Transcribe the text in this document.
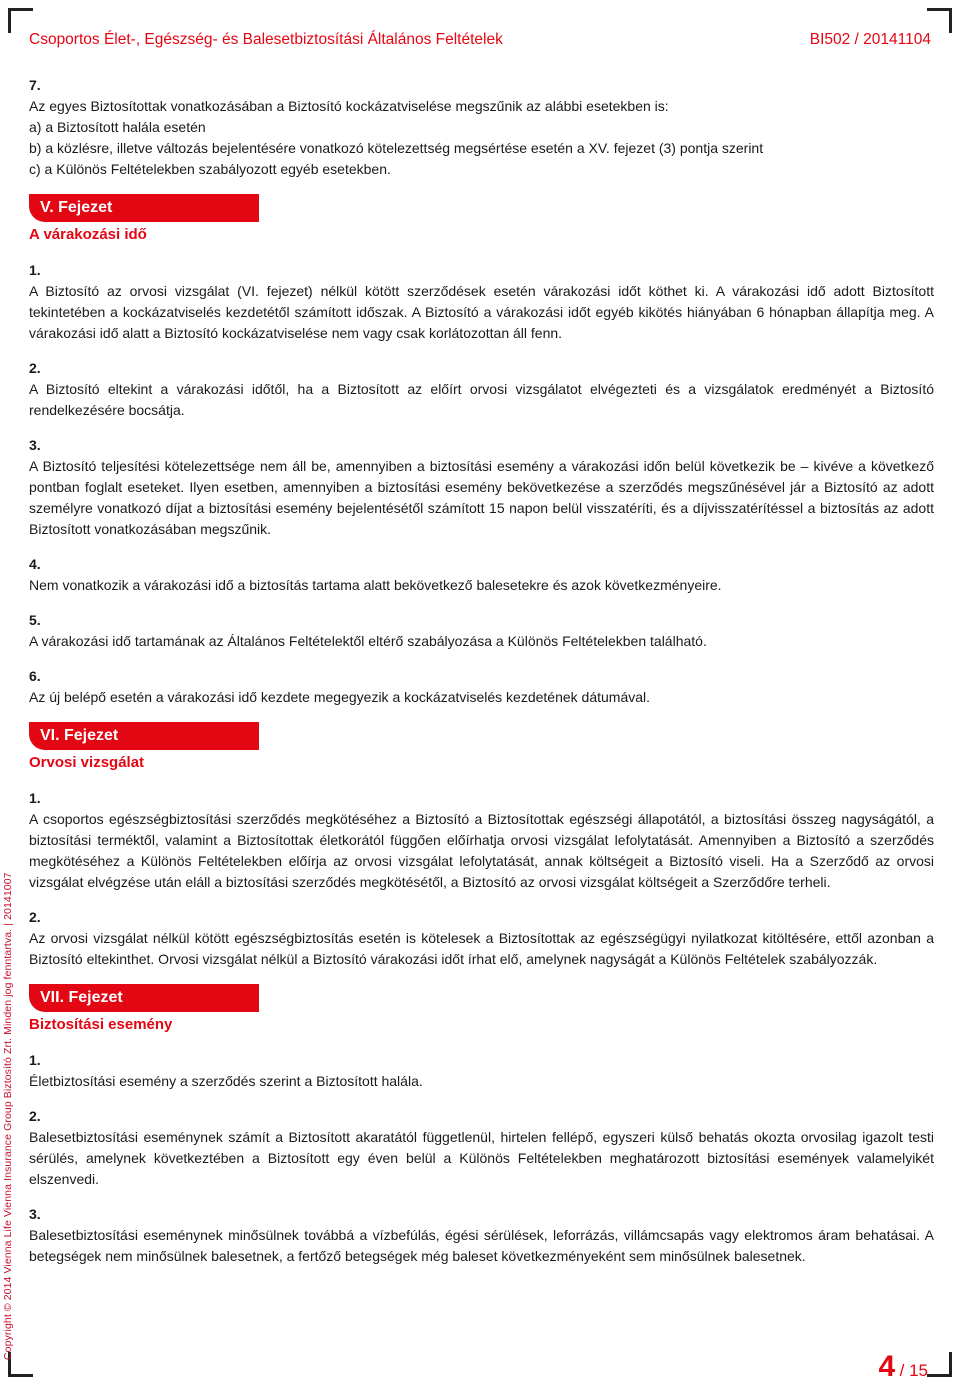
Csoportos Élet-, Egészség- és Balesetbiztosítási Általános Feltételek	BI502 / 20141104
Copyright © 2014 Vienna Life Vienna Insurance Group Biztosító Zrt. Minden jog fenntartva. | 20141007
7.
Az egyes Biztosítottak vonatkozásában a Biztosító kockázatviselése megszűnik az alábbi esetekben is:
a) a Biztosított halála esetén
b) a közlésre, illetve változás bejelentésére vonatkozó kötelezettség megsértése esetén a XV. fejezet (3) pontja szerint
c) a Különös Feltételekben szabályozott egyéb esetekben.
V. Fejezet
A várakozási idő
1.
A Biztosító az orvosi vizsgálat (VI. fejezet) nélkül kötött szerződések esetén várakozási időt köthet ki. A várakozási idő adott Biztosított tekintetében a kockázatviselés kezdetétől számított időszak. A Biztosító a várakozási időt egyéb kikötés hiányában 6 hónapban állapítja meg. A várakozási idő alatt a Biztosító kockázatviselése nem vagy csak korlátozottan áll fenn.
2.
A Biztosító eltekint a várakozási időtől, ha a Biztosított az előírt orvosi vizsgálatot elvégezteti és a vizsgálatok eredményét a Biztosító rendelkezésére bocsátja.
3.
A Biztosító teljesítési kötelezettsége nem áll be, amennyiben a biztosítási esemény a várakozási időn belül következik be – kivéve a következő pontban foglalt eseteket. Ilyen esetben, amennyiben a biztosítási esemény bekövetkezése a szerződés megszűnésével jár a Biztosító az adott személyre vonatkozó díjat a biztosítási esemény bejelentésétől számított 15 napon belül visszatéríti, és a díjvisszatérítéssel a biztosítás az adott Biztosított vonatkozásában megszűnik.
4.
Nem vonatkozik a várakozási idő a biztosítás tartama alatt bekövetkező balesetekre és azok következményeire.
5.
A várakozási idő tartamának az Általános Feltételektől eltérő szabályozása a Különös Feltételekben található.
6.
Az új belépő esetén a várakozási idő kezdete megegyezik a kockázatviselés kezdetének dátumával.
VI. Fejezet
Orvosi vizsgálat
1.
A csoportos egészségbiztosítási szerződés megkötéséhez a Biztosító a Biztosítottak egészségi állapotától, a biztosítási összeg nagyságától, a biztosítási terméktől, valamint a Biztosítottak életkorától függően előírhatja orvosi vizsgálat lefolytatását. Amennyiben a Biztosító a szerződés megkötéséhez a Különös Feltételekben előírja az orvosi vizsgálat lefolytatását, annak költségeit a Biztosító viseli. Ha a Szerződő az orvosi vizsgálat elvégzése után eláll a biztosítási szerződés megkötésétől, a Biztosító az orvosi vizsgálat költségeit a Szerződőre terheli.
2.
Az orvosi vizsgálat nélkül kötött egészségbiztosítás esetén is kötelesek a Biztosítottak az egészségügyi nyilatkozat kitöltésére, ettől azonban a Biztosító eltekinthet. Orvosi vizsgálat nélkül a Biztosító várakozási időt írhat elő, amelynek nagyságát a Különös Feltételek szabályozzák.
VII. Fejezet
Biztosítási esemény
1.
Életbiztosítási esemény a szerződés szerint a Biztosított halála.
2.
Balesetbiztosítási eseménynek számít a Biztosított akaratától függetlenül, hirtelen fellépő, egyszeri külső behatás okozta orvosilag igazolt testi sérülés, amelynek következtében a Biztosított egy éven belül a Különös Feltételekben meghatározott biztosítási események valamelyikét elszenvedi.
3.
Balesetbiztosítási eseménynek minősülnek továbbá a vízbefúlás, égési sérülések, leforrázás, villámcsapás vagy elektromos áram behatásai. A betegségek nem minősülnek balesetnek, a fertőző betegségek még baleset következményeként sem minősülnek balesetnek.
4 / 15
